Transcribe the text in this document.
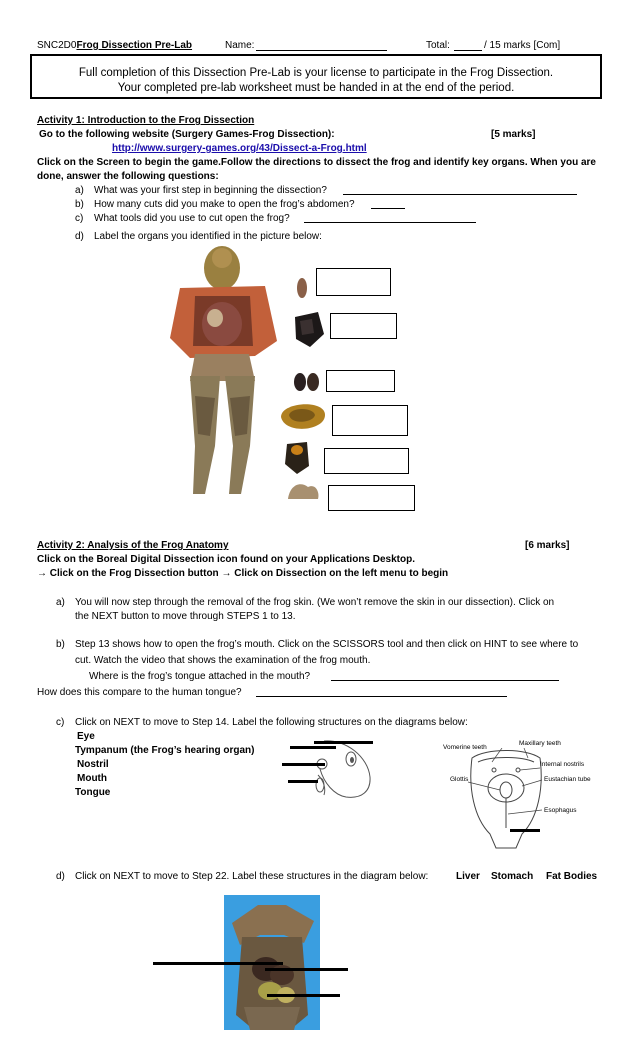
SNC2D0Frog Dissection Pre-Lab	Name:	Total:	/ 15 marks [Com]
Full completion of this Dissection Pre-Lab is your license to participate in the Frog Dissection.
Your completed pre-lab worksheet must be handed in at the end of the period.
Activity 1: Introduction to the Frog Dissection
Go to the following website (Surgery Games-Frog Dissection):	[5 marks]
http://www.surgery-games.org/43/Dissect-a-Frog.html
Click on the Screen to begin the game.Follow the directions to dissect the frog and identify key organs. When you are
done, answer the following questions:
a) What was your first step in beginning the dissection?
b) How many cuts did you make to open the frog’s abdomen?
c) What tools did you use to cut open the frog?
d) Label the organs you identified in the picture below:
Activity 2: Analysis of the Frog Anatomy	[6 marks]
Click on the Boreal Digital Dissection icon found on your Applications Desktop.
→ Click on the Frog Dissection button → Click on Dissection on the left menu to begin
a) You will now step through the removal of the frog skin. (We won’t remove the skin in our dissection). Click on
the NEXT button to move through STEPS 1 to 13.
b) Step 13 shows how to open the frog’s mouth. Click on the SCISSORS tool and then click on HINT to see where to
cut. Watch the video that shows the examination of the frog mouth.
Where is the frog’s tongue attached in the mouth?
How does this compare to the human tongue?
c) Click on NEXT to move to Step 14. Label the following structures on the diagrams below:
Eye
Tympanum (the Frog’s hearing organ)
Nostril
Mouth
Tongue
Vomerine teeth
Maxillary teeth
Internal nostrils
Glottis	Eustachian tube
Esophagus
d) Click on NEXT to move to Step 22. Label these structures in the diagram below:	Liver Stomach Fat Bodies
